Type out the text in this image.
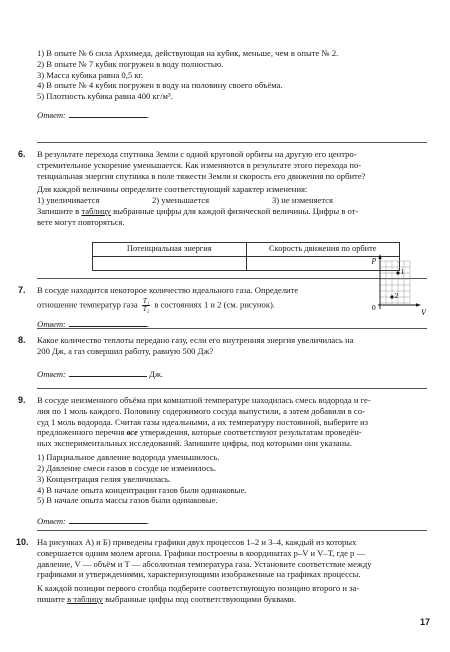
1) В опыте № 6 сила Архимеда, действующая на кубик, меньше, чем в опыте № 2.
2) В опыте № 7 кубик погружен в воду полностью.
3) Масса кубика равна 0,5 кг.
4) В опыте № 4 кубик погружен в воду на половину своего объёма.
5) Плотность кубика равна 400 кг/м³.
Ответ:	.
6. В результате перехода спутника Земли с одной круговой орбиты на другую его центро-
стремительное ускорение уменьшается. Как изменяются в результате этого перехода по-
тенциальная энергия спутника в поле тяжести Земли и скорость его движения по орбите?
Для каждой величины определите соответствующий характер изменения:
1) увеличивается	2) уменьшается	3) не изменяется
Запишите в таблицу выбранные цифры для каждой физической величины. Цифры в от-
вете могут повторяться.
Потенциальная энергия	Скорость движения по орбите

7. В сосуде находится некоторое количество идеального газа. Определите
отношение температур газа $\frac{\text{T₁}}{\text{T₂}}$ в состояниях 1 и 2 (см. рисунок).
Ответ:	.
1
2
p
V
0
8. Какое количество теплоты передано газу, если его внутренняя энергия увеличилась на
200 Дж, а газ совершил работу, равную 500 Дж?
Ответ:	Дж.
9. В сосуде неизменного объёма при комнатной температуре находилась смесь водорода и ге-
лия по 1 моль каждого. Половину содержимого сосуда выпустили, а затем добавили в со-
суд 1 моль водорода. Считая газы идеальными, а их температуру постоянной, выберите из
предложенного перечня все утверждения, которые соответствуют результатам проведён-
ных экспериментальных исследований. Запишите цифры, под которыми они указаны.
1) Парциальное давление водорода уменьшилось.
2) Давление смеси газов в сосуде не изменилось.
3) Концентрация гелия увеличилась.
4) В начале опыта концентрации газов были одинаковые.
5) В начале опыта массы газов были одинаковые.
Ответ:	.
10. На рисунках А) и Б) приведены графики двух процессов 1–2 и 3–4, каждый из которых
совершается одним молем аргона. Графики построены в координатах p–V и V–T, где p —
давление, V — объём и T — абсолютная температура газа. Установите соответствие между
графиками и утверждениями, характеризующими изображенные на графиках процессы.
К каждой позиции первого столбца подберите соответствующую позицию второго и за-
пишите в таблицу выбранные цифры под соответствующими буквами.
17
